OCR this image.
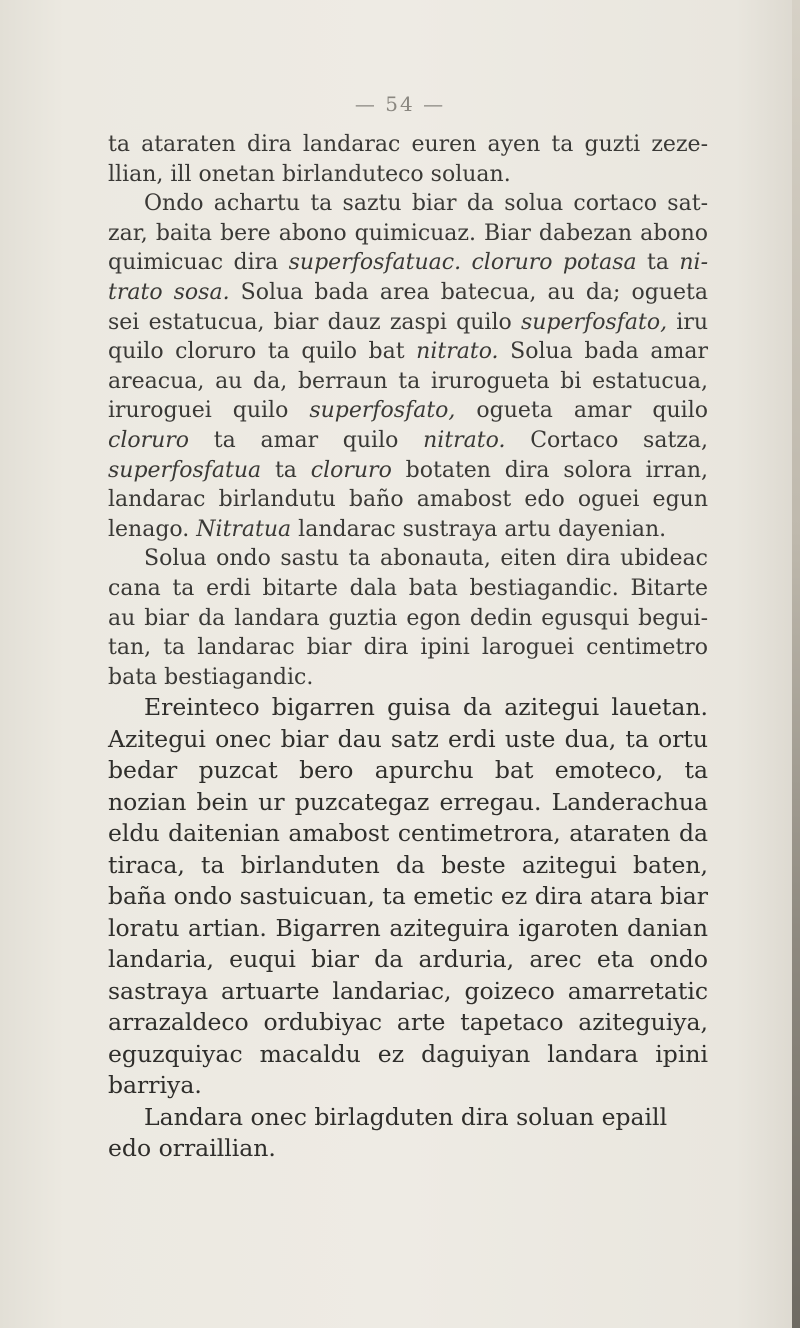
— 54 —

ta ataraten dira landarac euren ayen ta guzti zezellian, ill onetan birlanduteco soluan.

Ondo achartu ta saztu biar da solua cortaco satzar, baita bere abono quimicuaz. Biar dabezan abono quimicuac dira superfosfatuac. cloruro potasa ta nitrato sosa. Solua bada area batecua, au da; ogueta sei estatucua, biar dauz zaspi quilo superfosfato, iru quilo cloruro ta quilo bat nitrato. Solua bada amar areacua, au da, berraun ta irurogueta bi estatucua, iruroguei quilo superfosfato, ogueta amar quilo cloruro ta amar quilo nitrato. Cortaco satza, superfosfatua ta cloruro botaten dira solora irran, landarac birlandutu baño amabost edo oguei egun lenago. Nitratua landarac sustraya artu dayenian.

Solua ondo sastu ta abonauta, eiten dira ubideac cana ta erdi bitarte dala bata bestiagandic. Bitarte au biar da landara guztia egon dedin egusqui beguitan, ta landarac biar dira ipini laroguei centimetro bata bestiagandic.

Ereinteco bigarren guisa da azitegui lauetan. Azitegui onec biar dau satz erdi uste dua, ta ortu bedar puzcat bero apurchu bat emoteco, ta nozian bein ur puzcategaz erregau. Landerachua eldu daitenian amabost centimetrora, ataraten da tiraca, ta birlanduten da beste azitegui baten, baña ondo sastuicuan, ta emetic ez dira atara biar loratu artian. Bigarren aziteguira igaroten danian landaria, euqui biar da arduria, arec eta ondo sastraya artuarte landariac, goizeco amarretatic arrazaldeco ordubiyac arte tapetaco aziteguiya, eguzquiyac macaldu ez daguiyan landara ipini barriya.

Landara onec birlagduten dira soluan epaill edo orraillian.
